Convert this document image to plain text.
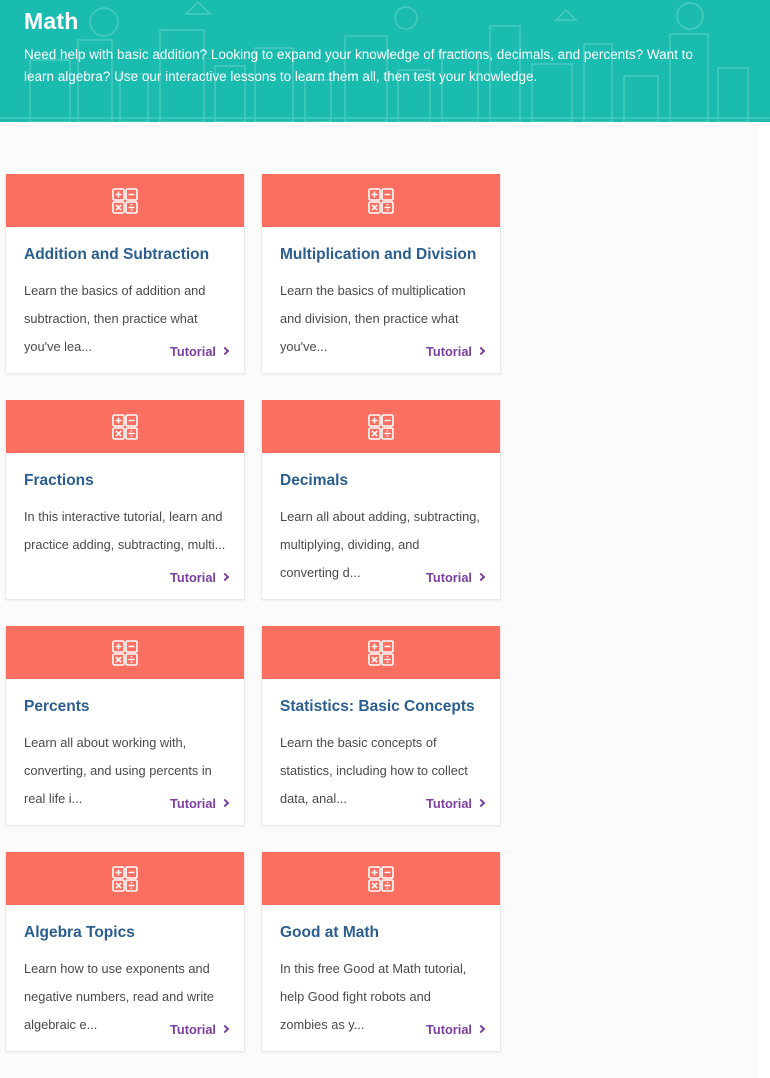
Math

Need help with basic addition? Looking to expand your knowledge of fractions, decimals, and percents? Want to learn algebra? Use our interactive lessons to learn them all, then test your knowledge.

Addition and Subtraction
Learn the basics of addition and subtraction, then practice what you've lea...	Tutorial
Multiplication and Division
Learn the basics of multiplication and division, then practice what you've...	Tutorial
Fractions
In this interactive tutorial, learn and practice adding, subtracting, multi...
Tutorial
Decimals
Learn all about adding, subtracting, multiplying, dividing, and converting d...	Tutorial
Percents
Learn all about working with, converting, and using percents in real life i...	Tutorial
Statistics: Basic Concepts
Learn the basic concepts of statistics, including how to collect data, anal...	Tutorial
Algebra Topics
Learn how to use exponents and negative numbers, read and write algebraic e...	Tutorial
Good at Math
In this free Good at Math tutorial, help Good fight robots and zombies as y...	Tutorial
